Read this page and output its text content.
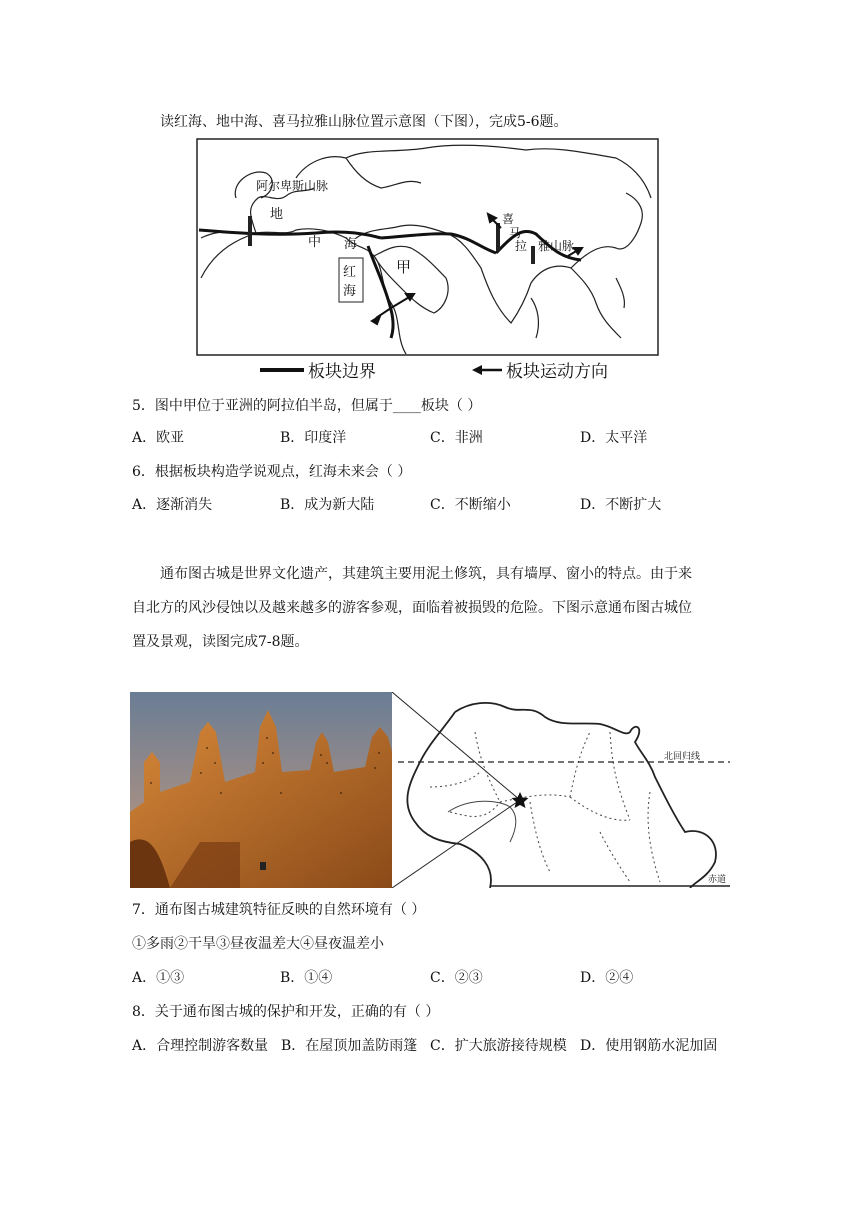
读红海、地中海、喜马拉雅山脉位置示意图（下图），完成5-6题。
阿尔卑斯山脉
地
中 海
红
海
甲
喜
马
拉 雅山脉
板块边界	板块运动方向
5．图中甲位于亚洲的阿拉伯半岛，但属于____板块（ ）
A．欧亚	B．印度洋	C．非洲	D．太平洋
6．根据板块构造学说观点，红海未来会（ ）
A．逐渐消失	B．成为新大陆	C．不断缩小	D．不断扩大
通布图古城是世界文化遗产，其建筑主要用泥土修筑，具有墙厚、窗小的特点。由于来
自北方的风沙侵蚀以及越来越多的游客参观，面临着被损毁的危险。下图示意通布图古城位
置及景观，读图完成7-8题。
北回归线
赤道
7．通布图古城建筑特征反映的自然环境有（ ）
①多雨②干旱③昼夜温差大④昼夜温差小
A．①③	B．①④	C．②③	D．②④
8．关于通布图古城的保护和开发，正确的有（ ）
A．合理控制游客数量 B．在屋顶加盖防雨篷 C．扩大旅游接待规模 D．使用钢筋水泥加固
